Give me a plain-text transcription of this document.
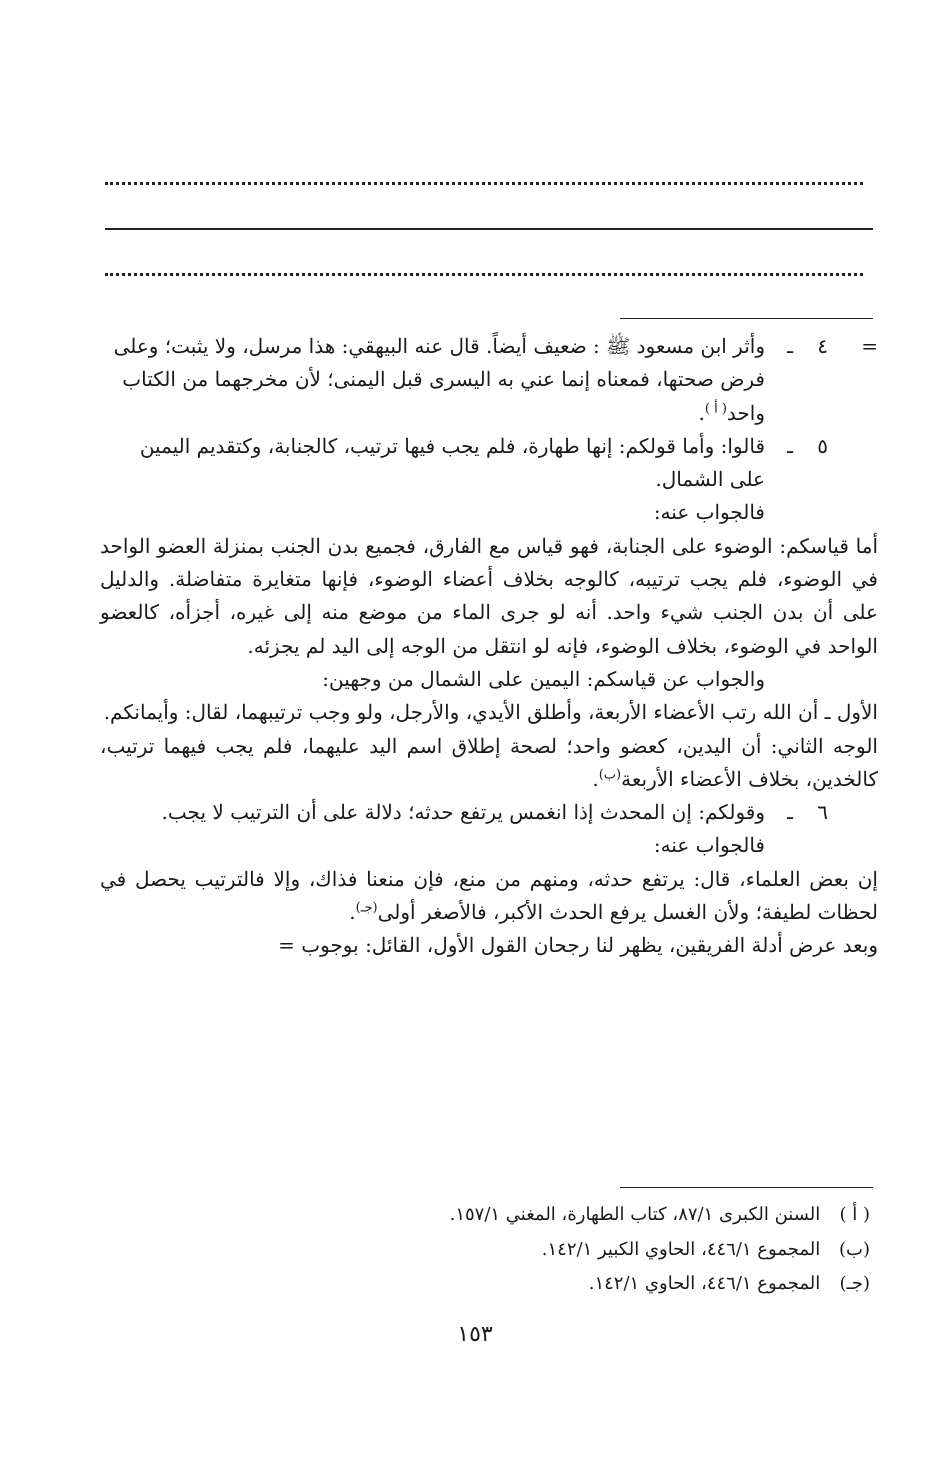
=
٤
ـ
وأثر ابن مسعود ﷺ : ضعيف أيضاً. قال عنه البيهقي: هذا مرسل، ولا يثبت؛ وعلى فرض صحتها، فمعناه إنما عني به اليسرى قبل اليمنى؛ لأن مخرجهما من الكتاب واحد$^{( أ )}$.
٥
ـ
قالوا: وأما قولكم: إنها طهارة، فلم يجب فيها ترتيب، كالجنابة، وكتقديم اليمين على الشمال.
فالجواب عنه:
أما قياسكم: الوضوء على الجنابة، فهو قياس مع الفارق، فجميع بدن الجنب بمنزلة العضو الواحد في الوضوء، فلم يجب ترتيبه، كالوجه بخلاف أعضاء الوضوء، فإنها متغايرة متفاضلة. والدليل على أن بدن الجنب شيء واحد. أنه لو جرى الماء من موضع منه إلى غيره، أجزأه، كالعضو الواحد في الوضوء، بخلاف الوضوء، فإنه لو انتقل من الوجه إلى اليد لم يجزئه.
والجواب عن قياسكم: اليمين على الشمال من وجهين:
الأول ـ أن الله رتب الأعضاء الأربعة، وأطلق الأيدي، والأرجل، ولو وجب ترتيبهما، لقال: وأيمانكم.
الوجه الثاني: أن اليدين، كعضو واحد؛ لصحة إطلاق اسم اليد عليهما، فلم يجب فيهما ترتيب، كالخدين، بخلاف الأعضاء الأربعة$^{(ب)}$.
٦
ـ
وقولكم: إن المحدث إذا انغمس يرتفع حدثه؛ دلالة على أن الترتيب لا يجب.
فالجواب عنه:
إن بعض العلماء، قال: يرتفع حدثه، ومنهم من منع، فإن منعنا فذاك، وإلا فالترتيب يحصل في لحظات لطيفة؛ ولأن الغسل يرفع الحدث الأكبر، فالأصغر أولى$^{(جـ)}$.
وبعد عرض أدلة الفريقين، يظهر لنا رجحان القول الأول، القائل: بوجوب =
( أ ) السنن الكبرى ٨٧/١، كتاب الطهارة، المغني ١٥٧/١.
(ب) المجموع ٤٤٦/١، الحاوي الكبير ١٤٢/١.
(جـ) المجموع ٤٤٦/١، الحاوي ١٤٢/١.
١٥٣
